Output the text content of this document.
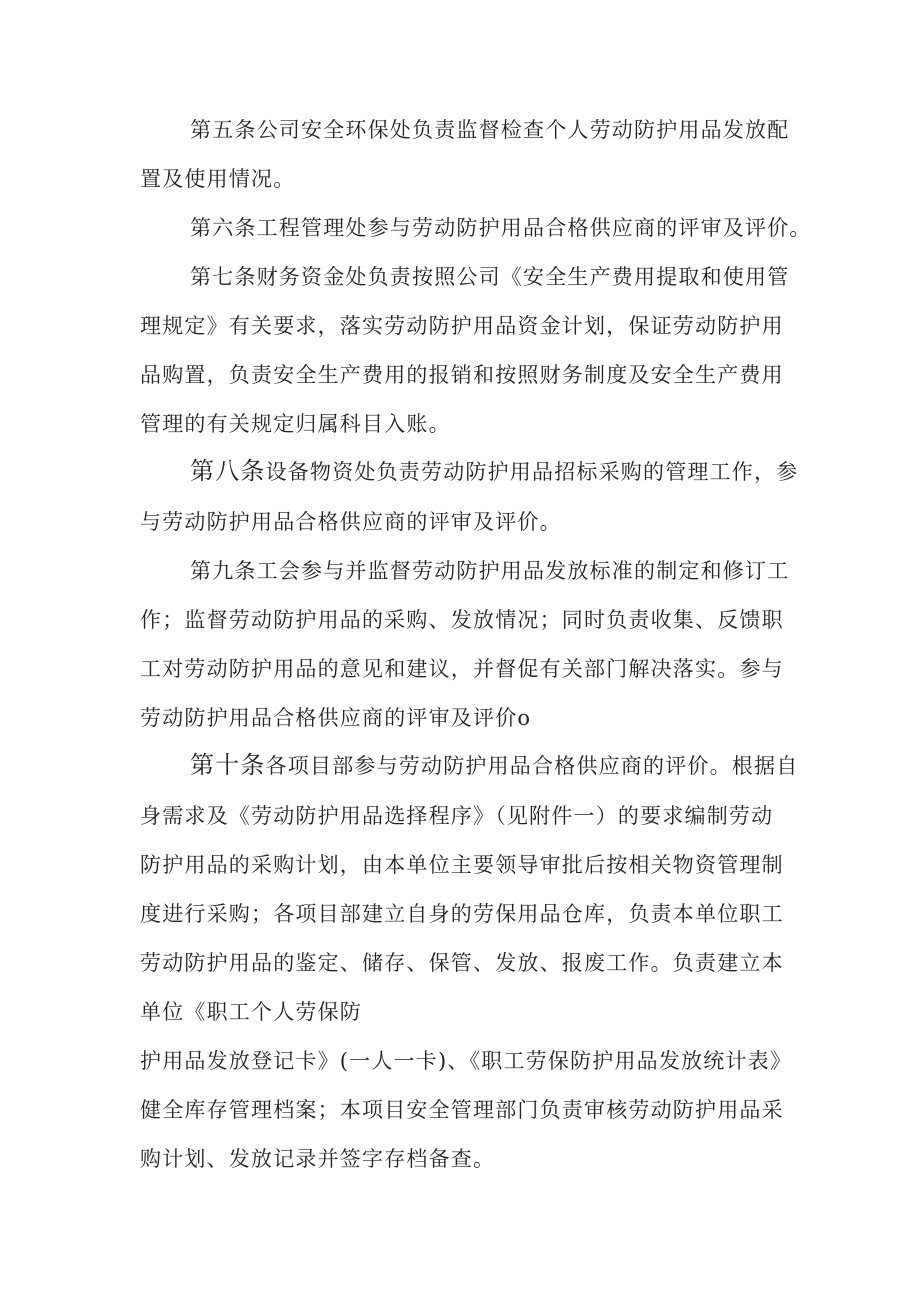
第五条公司安全环保处负责监督检查个人劳动防护用品发放配

置及使用情况。

第六条工程管理处参与劳动防护用品合格供应商的评审及评价。

第七条财务资金处负责按照公司《安全生产费用提取和使用管

理规定》有关要求，落实劳动防护用品资金计划，保证劳动防护用

品购置，负责安全生产费用的报销和按照财务制度及安全生产费用

管理的有关规定归属科目入账。

第八条设备物资处负责劳动防护用品招标采购的管理工作，参

与劳动防护用品合格供应商的评审及评价。

第九条工会参与并监督劳动防护用品发放标准的制定和修订工

作；监督劳动防护用品的采购、发放情况；同时负责收集、反馈职

工对劳动防护用品的意见和建议，并督促有关部门解决落实。参与

劳动防护用品合格供应商的评审及评价o

第十条各项目部参与劳动防护用品合格供应商的评价。根据自

身需求及《劳动防护用品选择程序》（见附件一）的要求编制劳动

防护用品的采购计划，由本单位主要领导审批后按相关物资管理制

度进行采购；各项目部建立自身的劳保用品仓库，负责本单位职工

劳动防护用品的鉴定、储存、保管、发放、报废工作。负责建立本

单位《职工个人劳保防

护用品发放登记卡》(一人一卡)、《职工劳保防护用品发放统计表》

健全库存管理档案；本项目安全管理部门负责审核劳动防护用品采

购计划、发放记录并签字存档备查。
